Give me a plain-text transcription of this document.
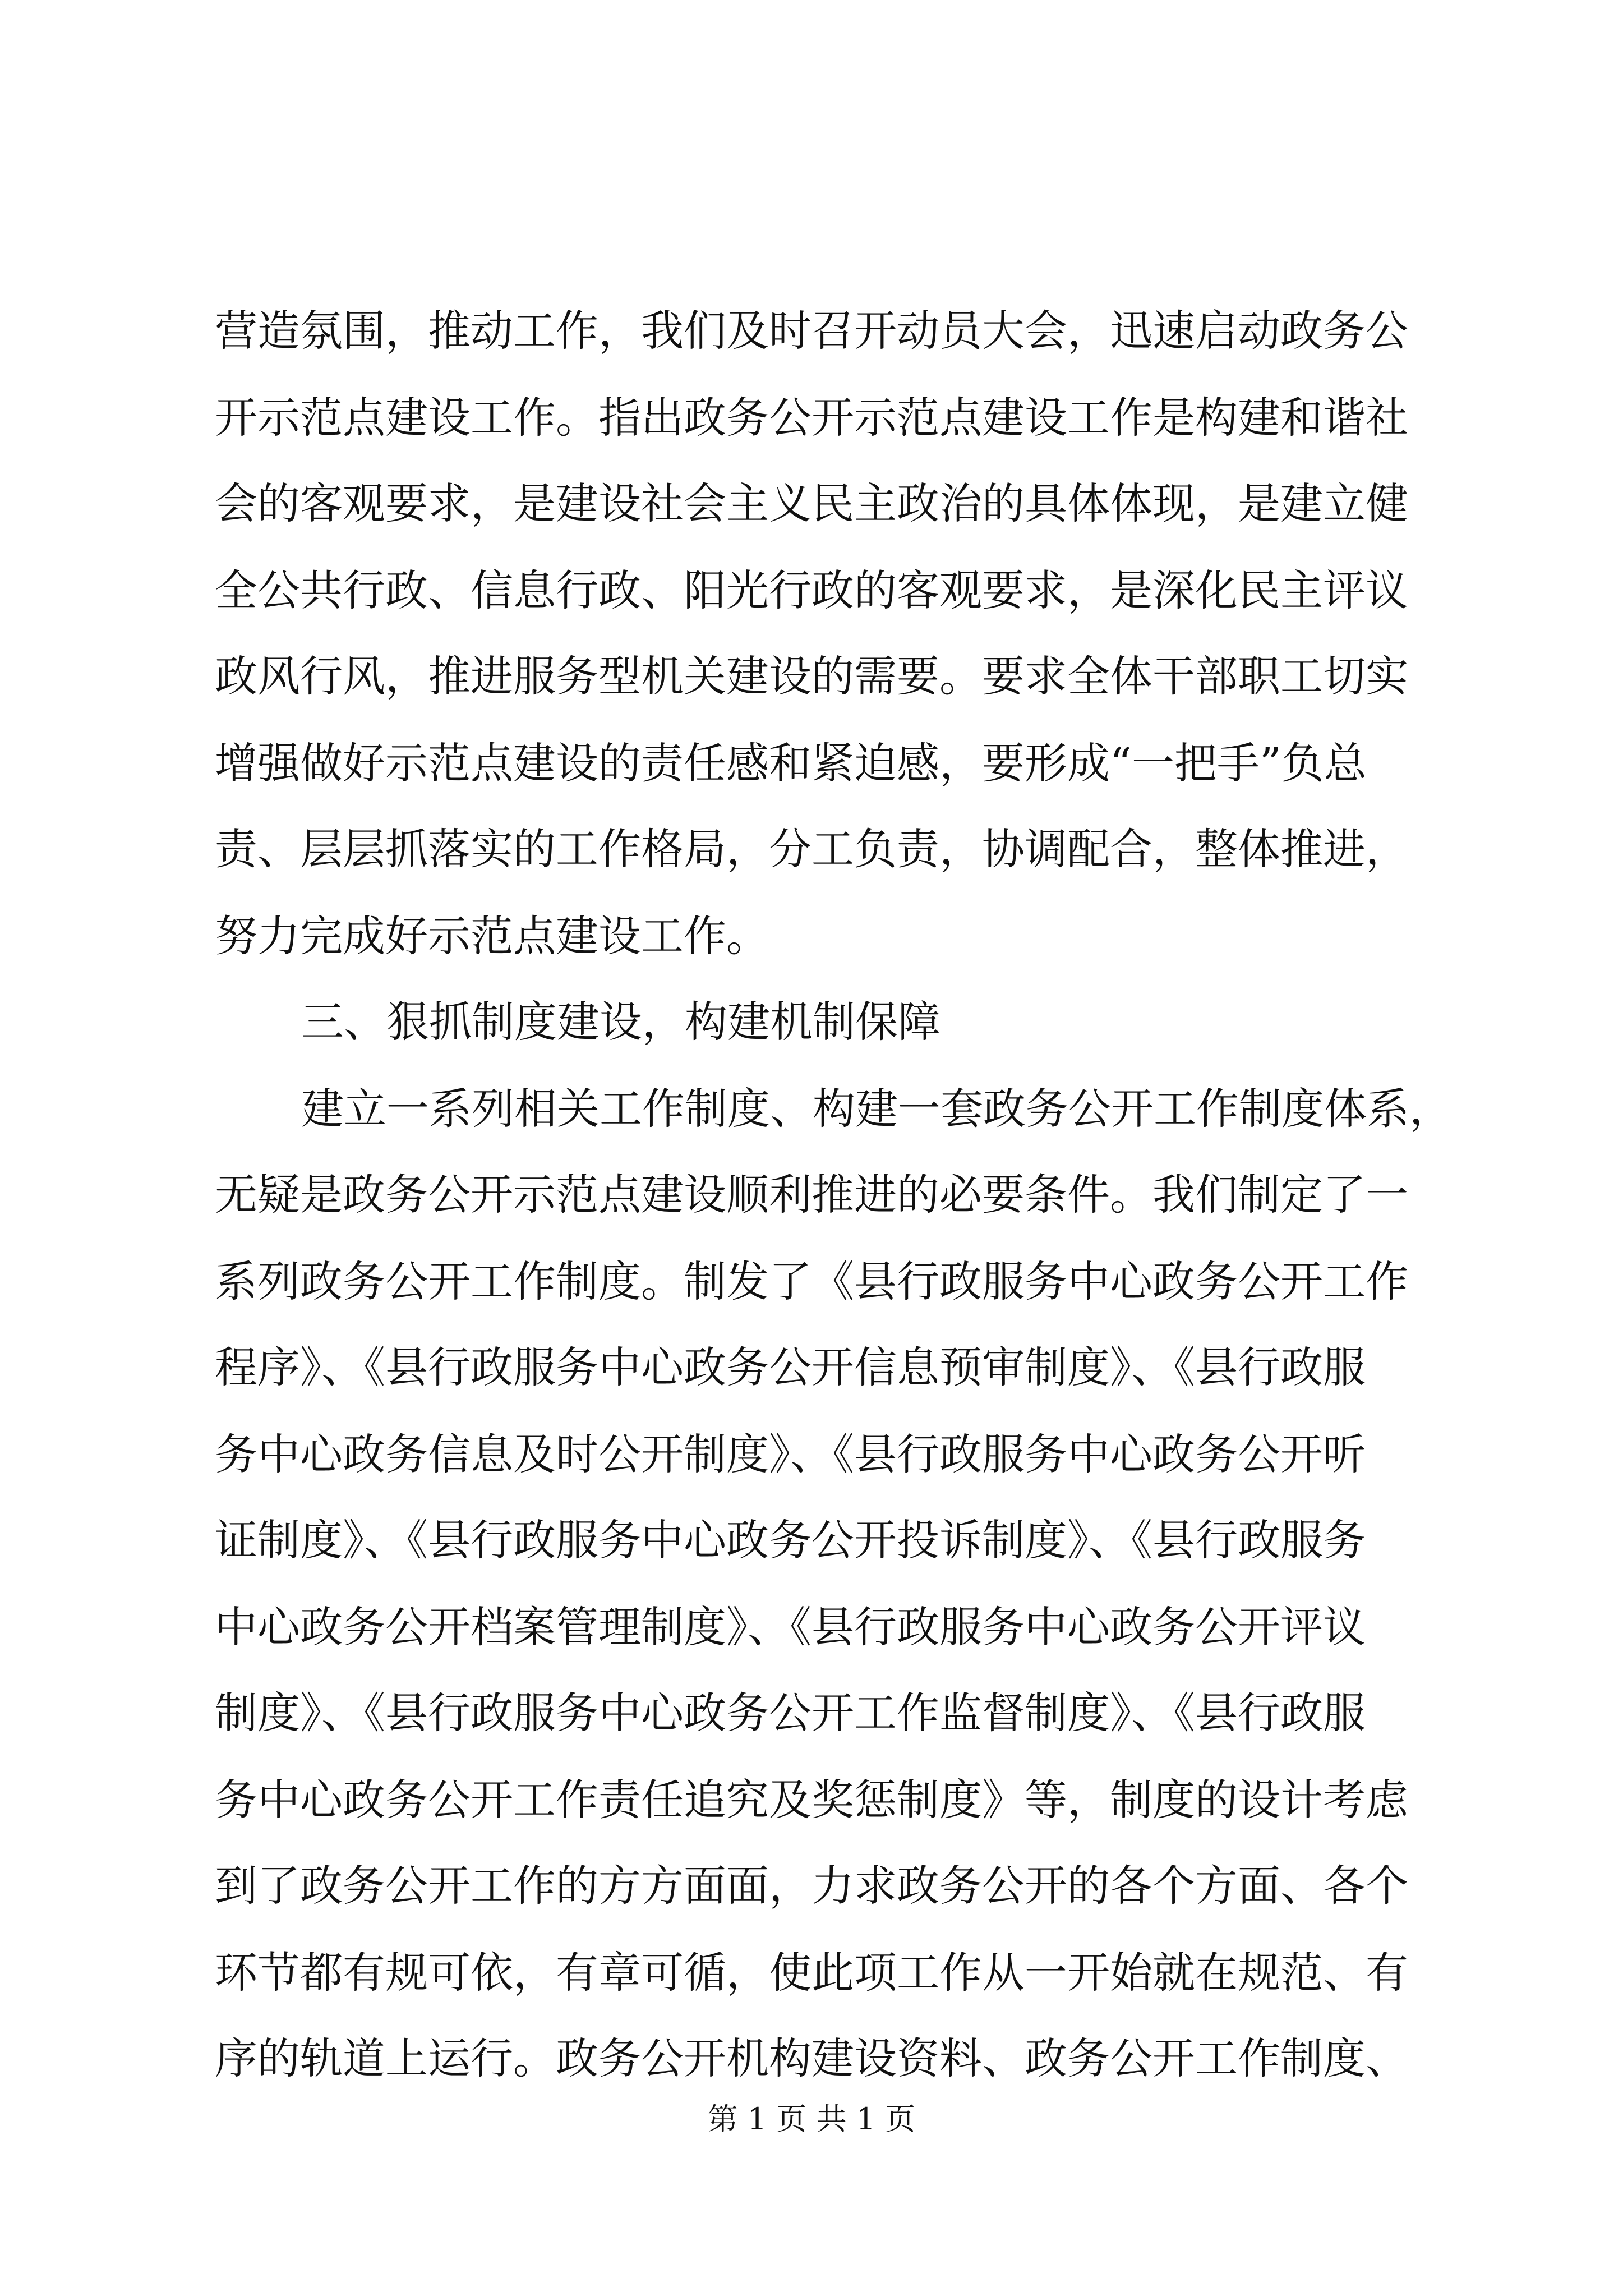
营造氛围，推动工作，我们及时召开动员大会，迅速启动政务公
开示范点建设工作。指出政务公开示范点建设工作是构建和谐社
会的客观要求，是建设社会主义民主政治的具体体现，是建立健
全公共行政、信息行政、阳光行政的客观要求，是深化民主评议
政风行风，推进服务型机关建设的需要。要求全体干部职工切实
增强做好示范点建设的责任感和紧迫感，要形成“一把手”负总
责、层层抓落实的工作格局，分工负责，协调配合，整体推进，
努力完成好示范点建设工作。
三、狠抓制度建设，构建机制保障
建立一系列相关工作制度、构建一套政务公开工作制度体系，
无疑是政务公开示范点建设顺利推进的必要条件。我们制定了一
系列政务公开工作制度。制发了《县行政服务中心政务公开工作
程序》、《县行政服务中心政务公开信息预审制度》、《县行政服
务中心政务信息及时公开制度》、《县行政服务中心政务公开听
证制度》、《县行政服务中心政务公开投诉制度》、《县行政服务
中心政务公开档案管理制度》、《县行政服务中心政务公开评议
制度》、《县行政服务中心政务公开工作监督制度》、《县行政服
务中心政务公开工作责任追究及奖惩制度》等，制度的设计考虑
到了政务公开工作的方方面面，力求政务公开的各个方面、各个
环节都有规可依，有章可循，使此项工作从一开始就在规范、有
序的轨道上运行。政务公开机构建设资料、政务公开工作制度、
第 1 页 共 1 页
